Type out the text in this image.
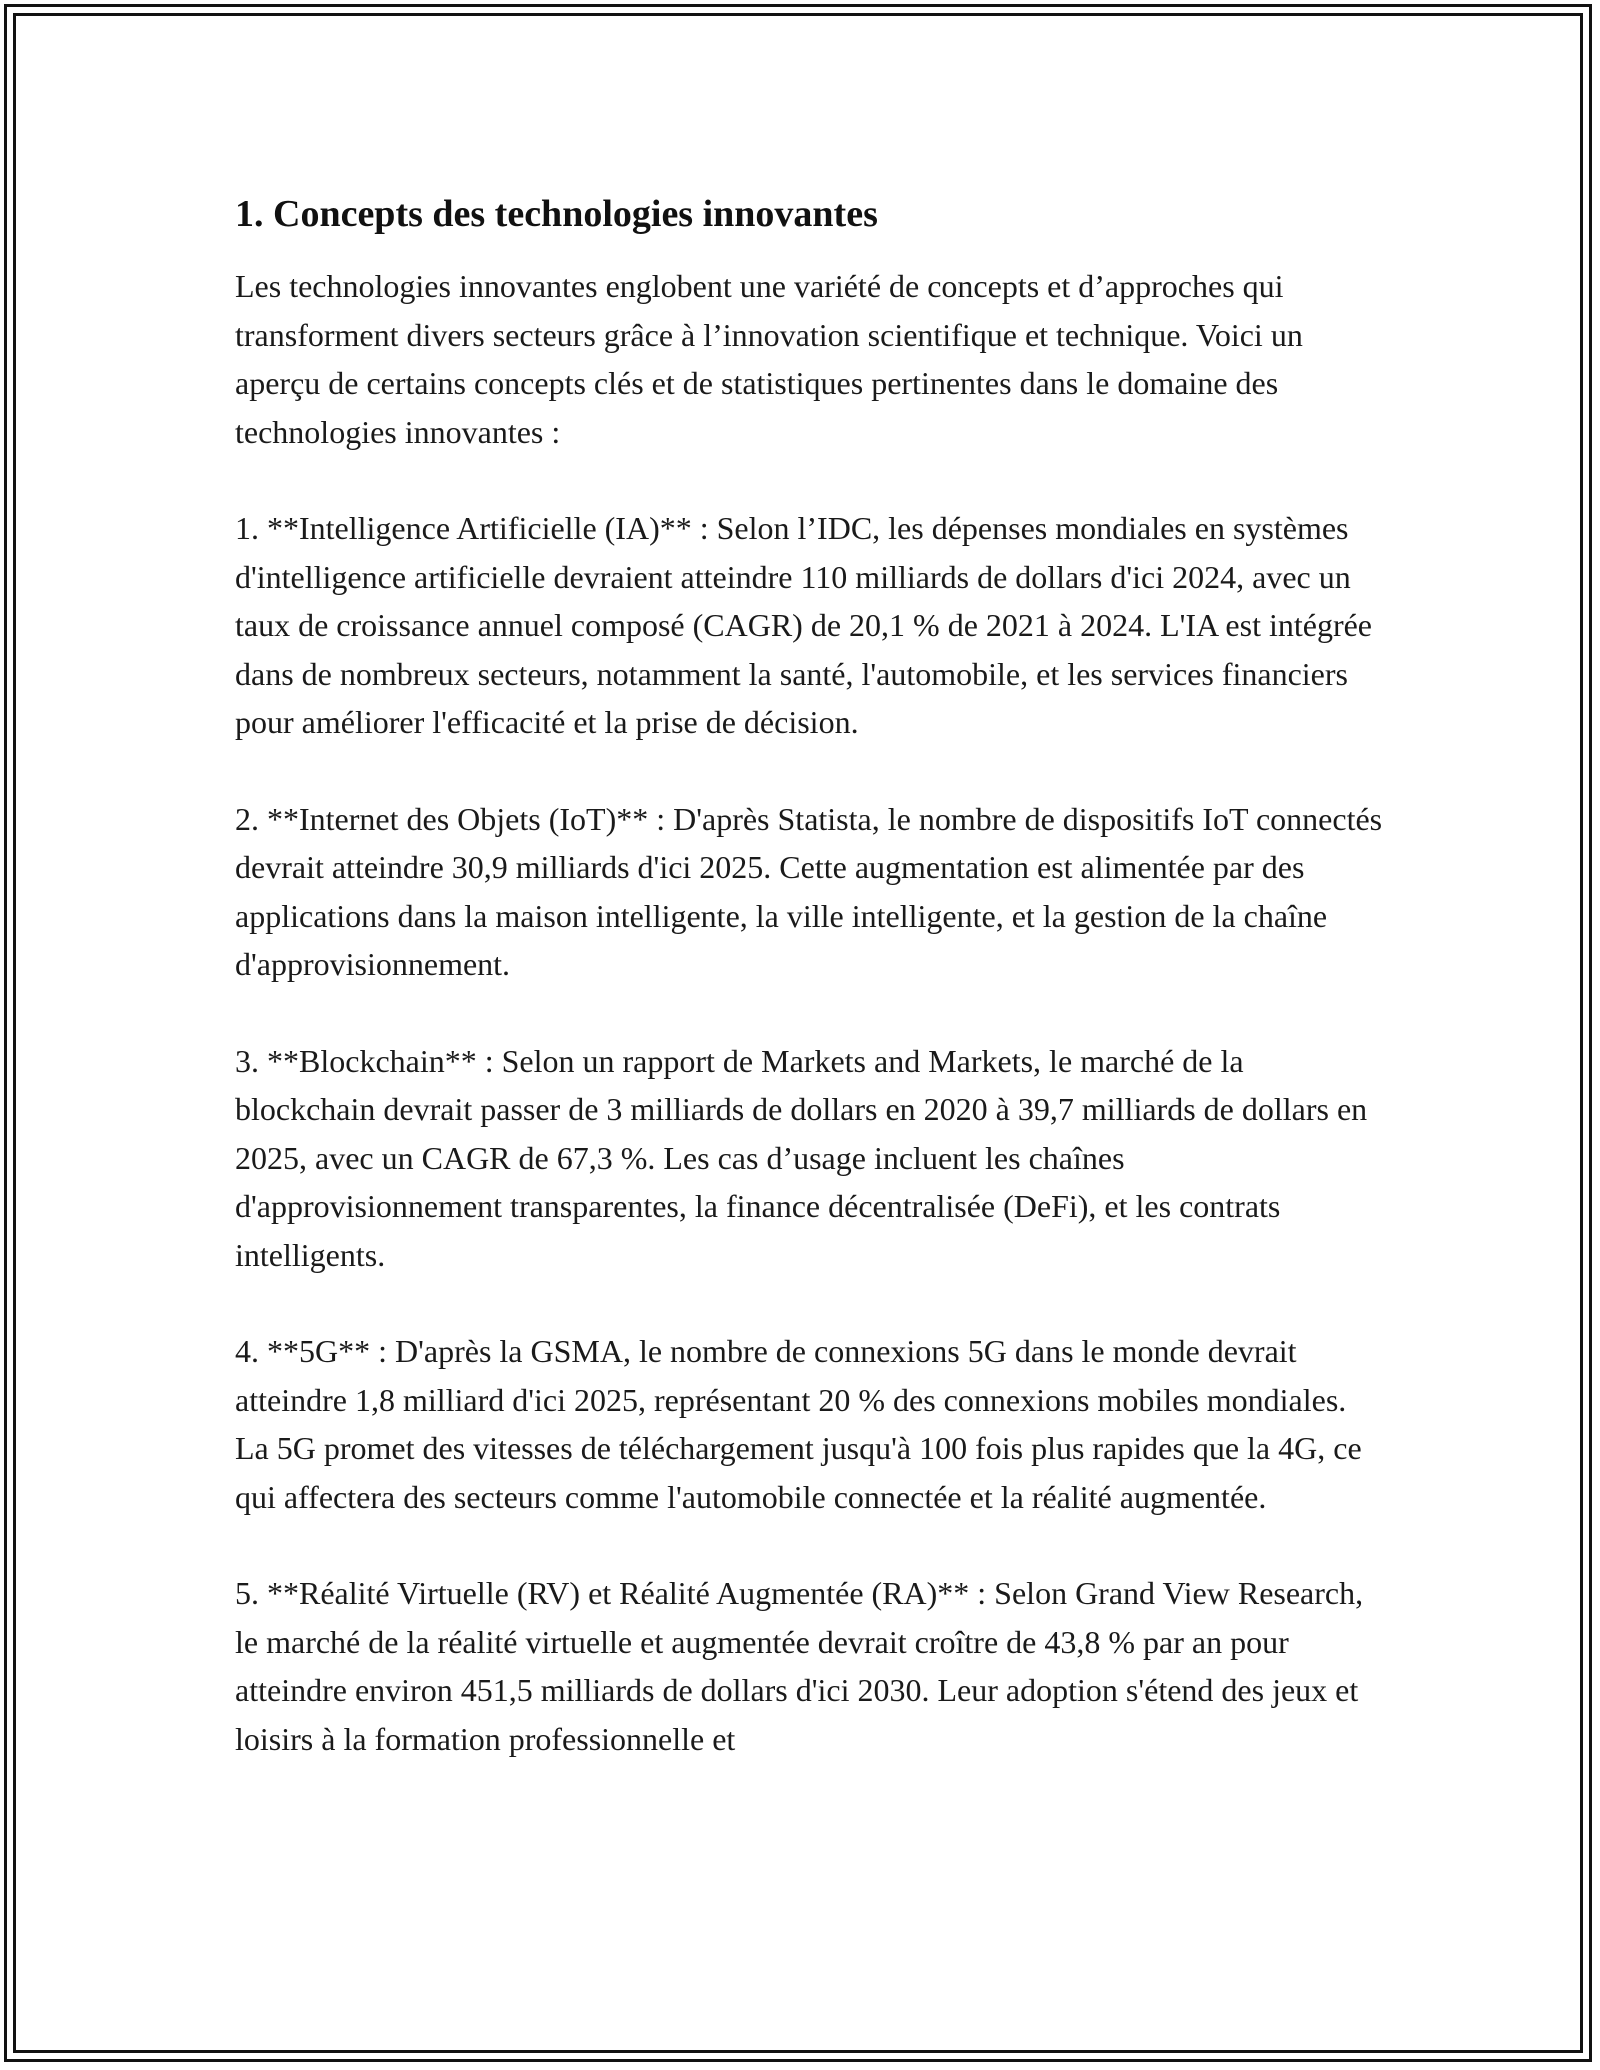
1. Concepts des technologies innovantes

Les technologies innovantes englobent une variété de concepts et d’approches qui transforment divers secteurs grâce à l’innovation scientifique et technique. Voici un aperçu de certains concepts clés et de statistiques pertinentes dans le domaine des technologies innovantes :

1. **Intelligence Artificielle (IA)** : Selon l’IDC, les dépenses mondiales en systèmes d'intelligence artificielle devraient atteindre 110 milliards de dollars d'ici 2024, avec un taux de croissance annuel composé (CAGR) de 20,1 % de 2021 à 2024. L'IA est intégrée dans de nombreux secteurs, notamment la santé, l'automobile, et les services financiers pour améliorer l'efficacité et la prise de décision.

2. **Internet des Objets (IoT)** : D'après Statista, le nombre de dispositifs IoT connectés devrait atteindre 30,9 milliards d'ici 2025. Cette augmentation est alimentée par des applications dans la maison intelligente, la ville intelligente, et la gestion de la chaîne d'approvisionnement.

3. **Blockchain** : Selon un rapport de Markets and Markets, le marché de la blockchain devrait passer de 3 milliards de dollars en 2020 à 39,7 milliards de dollars en 2025, avec un CAGR de 67,3 %. Les cas d’usage incluent les chaînes d'approvisionnement transparentes, la finance décentralisée (DeFi), et les contrats intelligents.

4. **5G** : D'après la GSMA, le nombre de connexions 5G dans le monde devrait atteindre 1,8 milliard d'ici 2025, représentant 20 % des connexions mobiles mondiales. La 5G promet des vitesses de téléchargement jusqu'à 100 fois plus rapides que la 4G, ce qui affectera des secteurs comme l'automobile connectée et la réalité augmentée.

5. **Réalité Virtuelle (RV) et Réalité Augmentée (RA)** : Selon Grand View Research, le marché de la réalité virtuelle et augmentée devrait croître de 43,8 % par an pour atteindre environ 451,5 milliards de dollars d'ici 2030. Leur adoption s'étend des jeux et loisirs à la formation professionnelle et
